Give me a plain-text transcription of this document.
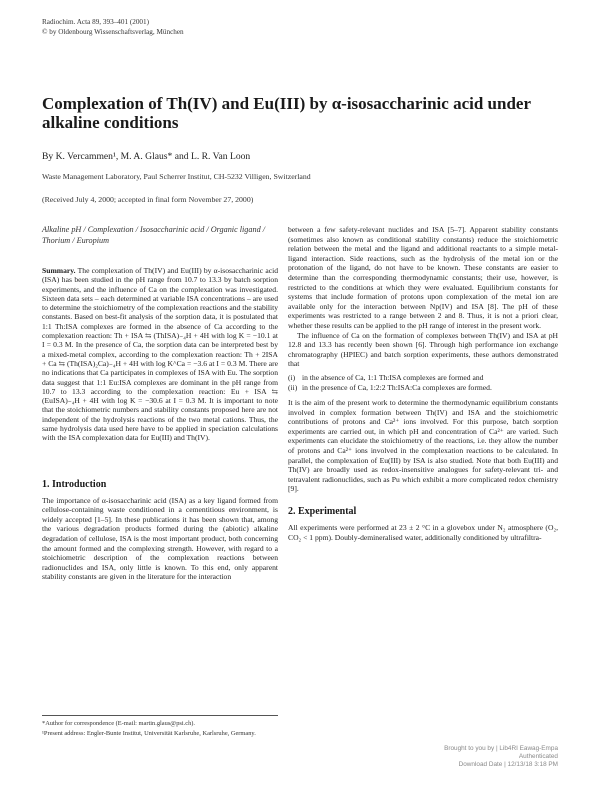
Radiochim. Acta 89, 393–401 (2001)
© by Oldenbourg Wissenschaftsverlag, München
Complexation of Th(IV) and Eu(III) by α-isosaccharinic acid under alkaline conditions
By K. Vercammen¹, M. A. Glaus* and L. R. Van Loon
Waste Management Laboratory, Paul Scherrer Institut, CH-5232 Villigen, Switzerland
(Received July 4, 2000; accepted in final form November 27, 2000)

Alkaline pH / Complexation / Isosaccharinic acid / Organic ligand / Thorium / Europium

Summary. The complexation of Th(IV) and Eu(III) by α-isosaccharinic acid (ISA) has been studied in the pH range from 10.7 to 13.3 by batch sorption experiments, and the influence of Ca on the complexation was investigated. Sixteen data sets – each determined at variable ISA concentrations – are used to determine the stoichiometry of the complexation reactions and the stability constants. Based on best-fit analysis of the sorption data, it is postulated that 1:1 Th:ISA complexes are formed in the absence of Ca according to the complexation reaction: Th + ISA ⇆ (ThISA)₋₄H + 4H with log K = −10.1 at I = 0.3 M. In the presence of Ca, the sorption data can be interpreted best by a mixed-metal complex, according to the complexation reaction: Th + 2ISA + Ca ⇆ (Th(ISA)₂Ca)₋₄H + 4H with log K^Ca = −3.6 at I = 0.3 M. There are no indications that Ca participates in complexes of ISA with Eu. The sorption data suggest that 1:1 Eu:ISA complexes are dominant in the pH range from 10.7 to 13.3 according to the complexation reaction: Eu + ISA ⇆ (EuISA)₋₄H + 4H with log K = −30.6 at I = 0.3 M. It is important to note that the stoichiometric numbers and stability constants proposed here are not independent of the hydrolysis reactions of the two metal cations. Thus, the same hydrolysis data used here have to be applied in speciation calculations with the ISA complexation data for Eu(III) and Th(IV).

1. Introduction

The importance of α-isosaccharinic acid (ISA) as a key ligand formed from cellulose-containing waste conditioned in a cementitious environment, is widely accepted [1–5]. In these publications it has been shown that, among the various degradation products formed during the (abiotic) alkaline degradation of cellulose, ISA is the most important product, both concerning the amount formed and the complexing strength. However, with regard to a stoichiometric description of the complexation reactions between radionuclides and ISA, only little is known. To this end, only apparent stability constants are given in the literature for the interaction

*Author for correspondence (E-mail: martin.glaus@psi.ch).

¹Present address: Engler-Bunte Institut, Universität Karlsruhe, Karlsruhe, Germany.

between a few safety-relevant nuclides and ISA [5–7]. Apparent stability constants (sometimes also known as conditional stability constants) reduce the stoichiometric relation between the metal and the ligand and additional reactants to a simple metal-ligand interaction. Side reactions, such as the hydrolysis of the metal ion or the protonation of the ligand, do not have to be known. These constants are easier to determine than the corresponding thermodynamic constants; their use, however, is restricted to the conditions at which they were evaluated. Equilibrium constants for systems that include formation of protons upon complexation of the metal ion are available only for the interaction between Np(IV) and ISA [8]. The pH of these experiments was restricted to a range between 2 and 8. Thus, it is not a priori clear, whether these results can be applied to the pH range of interest in the present work.

The influence of Ca on the formation of complexes between Th(IV) and ISA at pH 12.8 and 13.3 has recently been shown [6]. Through high performance ion exchange chromatography (HPIEC) and batch sorption experiments, these authors demonstrated that

(i) in the absence of Ca, 1:1 Th:ISA complexes are formed and
(ii) in the presence of Ca, 1:2:2 Th:ISA:Ca complexes are formed.

It is the aim of the present work to determine the thermodynamic equilibrium constants involved in complex formation between Th(IV) and ISA and the stoichiometric contributions of protons and Ca²⁺ ions involved. For this purpose, batch sorption experiments are carried out, in which pH and concentration of Ca²⁺ are varied. Such experiments can elucidate the stoichiometry of the reactions, i.e. they allow the number of protons and Ca²⁺ ions involved in the complexation reactions to be calculated. In parallel, the complexation of Eu(III) by ISA is also studied. Note that both Eu(III) and Th(IV) are broadly used as redox-insensitive analogues for safety-relevant tri- and tetravalent radionuclides, such as Pu which exhibit a more complicated redox chemistry [9].

2. Experimental

All experiments were performed at 23 ± 2 °C in a glovebox under N₂ atmosphere (O₂, CO₂ < 1 ppm). Doubly-demineralised water, additionally conditioned by ultrafiltra-

Brought to you by | Lib4RI Eawag-Empa
Authenticated
Download Date | 12/13/18 3:18 PM
